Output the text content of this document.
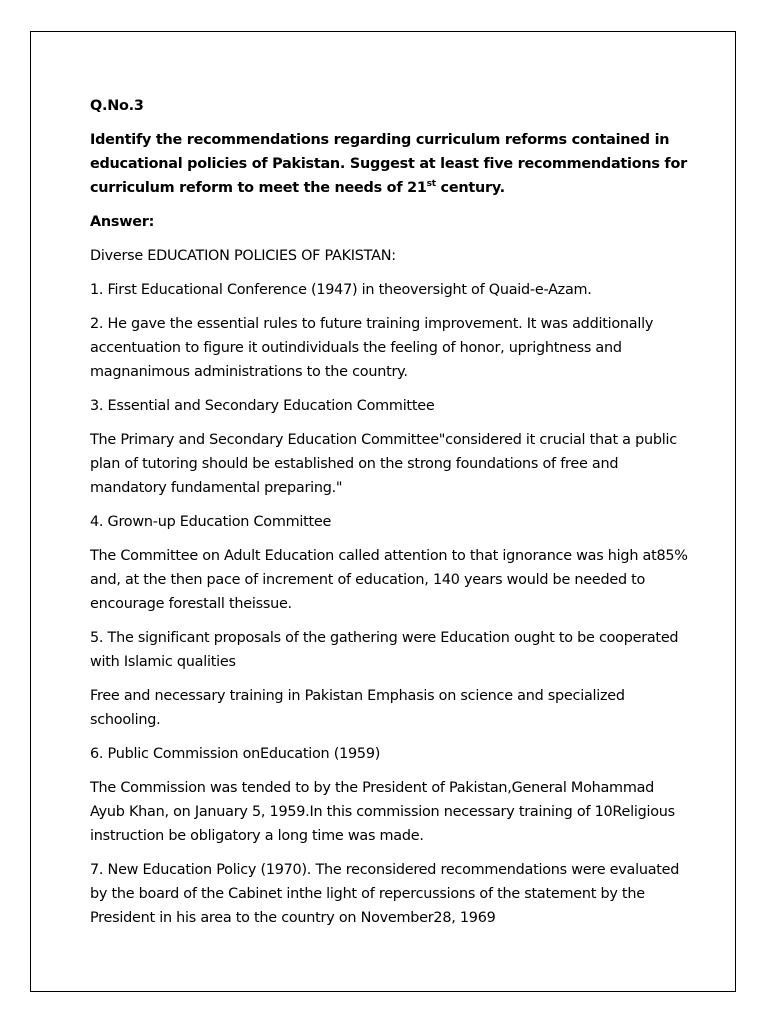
Q.No.3

Identify the recommendations regarding curriculum reforms contained in educational policies of Pakistan. Suggest at least five recommendations for curriculum reform to meet the needs of 21st century.

Answer:

Diverse EDUCATION POLICIES OF PAKISTAN:

1. First Educational Conference (1947) in theoversight of Quaid-e-Azam.

2. He gave the essential rules to future training improvement. It was additionally accentuation to figure it outindividuals the feeling of honor, uprightness and magnanimous administrations to the country.

3. Essential and Secondary Education Committee

The Primary and Secondary Education Committee"considered it crucial that a public plan of tutoring should be established on the strong foundations of free and mandatory fundamental preparing."

4. Grown-up Education Committee

The Committee on Adult Education called attention to that ignorance was high at85% and, at the then pace of increment of education, 140 years would be needed to encourage forestall theissue.

5. The significant proposals of the gathering were Education ought to be cooperated with Islamic qualities

Free and necessary training in Pakistan Emphasis on science and specialized schooling.

6. Public Commission onEducation (1959)

The Commission was tended to by the President of Pakistan,General Mohammad Ayub Khan, on January 5, 1959.In this commission necessary training of 10Religious instruction be obligatory a long time was made.

7. New Education Policy (1970). The reconsidered recommendations were evaluated by the board of the Cabinet inthe light of repercussions of the statement by the President in his area to the country on November28, 1969
